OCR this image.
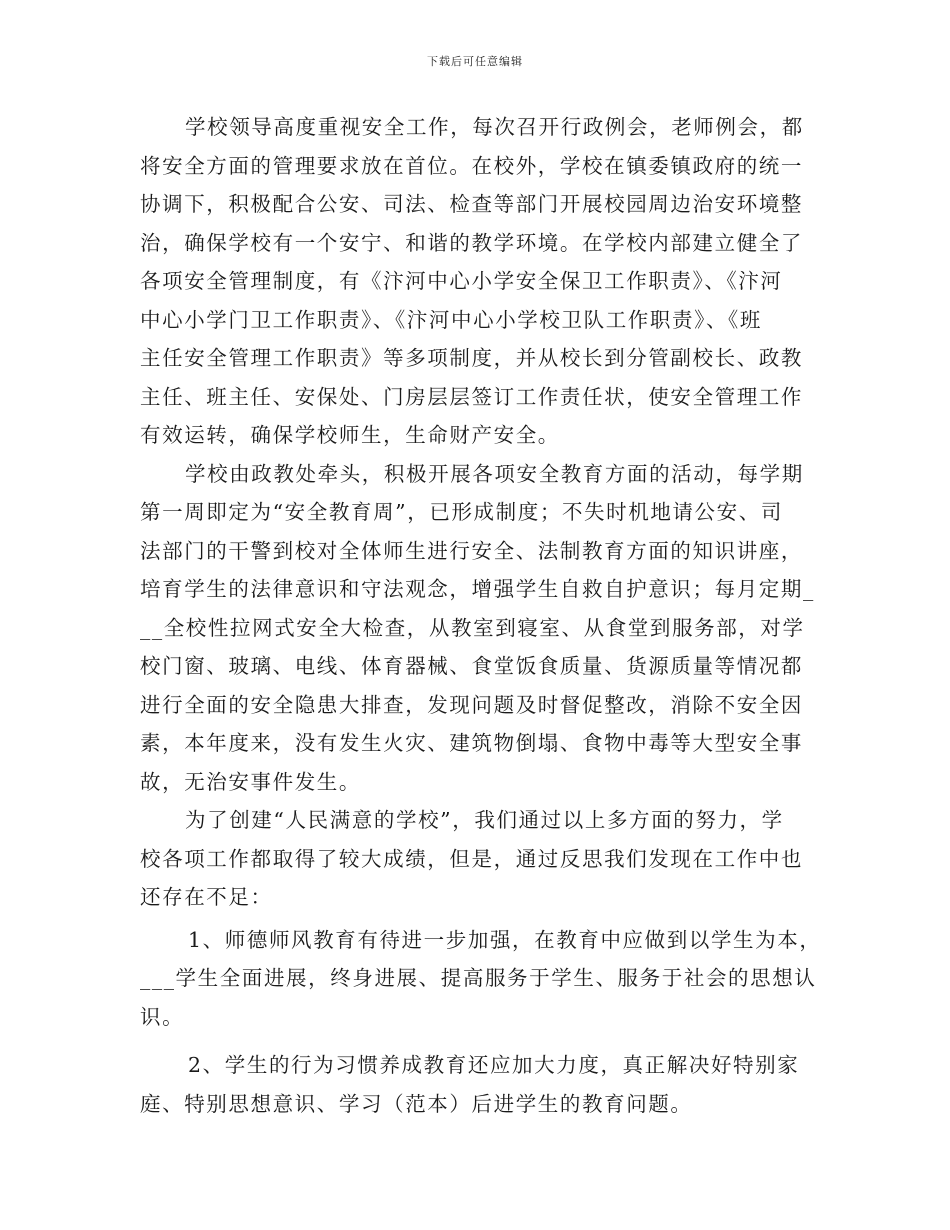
下载后可任意编辑
学校领导高度重视安全工作，每次召开行政例会，老师例会，都
将安全方面的管理要求放在首位。在校外，学校在镇委镇政府的统一
协调下，积极配合公安、司法、检查等部门开展校园周边治安环境整
治，确保学校有一个安宁、和谐的教学环境。在学校内部建立健全了
各项安全管理制度，有《汴河中心小学安全保卫工作职责》、《汴河
中心小学门卫工作职责》、《汴河中心小学校卫队工作职责》、《班
主任安全管理工作职责》等多项制度，并从校长到分管副校长、政教
主任、班主任、安保处、门房层层签订工作责任状，使安全管理工作
有效运转，确保学校师生，生命财产安全。
学校由政教处牵头，积极开展各项安全教育方面的活动，每学期
第一周即定为“安全教育周”，已形成制度；不失时机地请公安、司
法部门的干警到校对全体师生进行安全、法制教育方面的知识讲座，
培育学生的法律意识和守法观念，增强学生自救自护意识；每月定期_
__全校性拉网式安全大检查，从教室到寝室、从食堂到服务部，对学
校门窗、玻璃、电线、体育器械、食堂饭食质量、货源质量等情况都
进行全面的安全隐患大排查，发现问题及时督促整改，消除不安全因
素，本年度来，没有发生火灾、建筑物倒塌、食物中毒等大型安全事
故，无治安事件发生。
为了创建“人民满意的学校”，我们通过以上多方面的努力，学
校各项工作都取得了较大成绩，但是，通过反思我们发现在工作中也
还存在不足：
1、师德师风教育有待进一步加强，在教育中应做到以学生为本，
___学生全面进展，终身进展、提高服务于学生、服务于社会的思想认
识。
2、学生的行为习惯养成教育还应加大力度，真正解决好特别家
庭、特别思想意识、学习（范本）后进学生的教育问题。
